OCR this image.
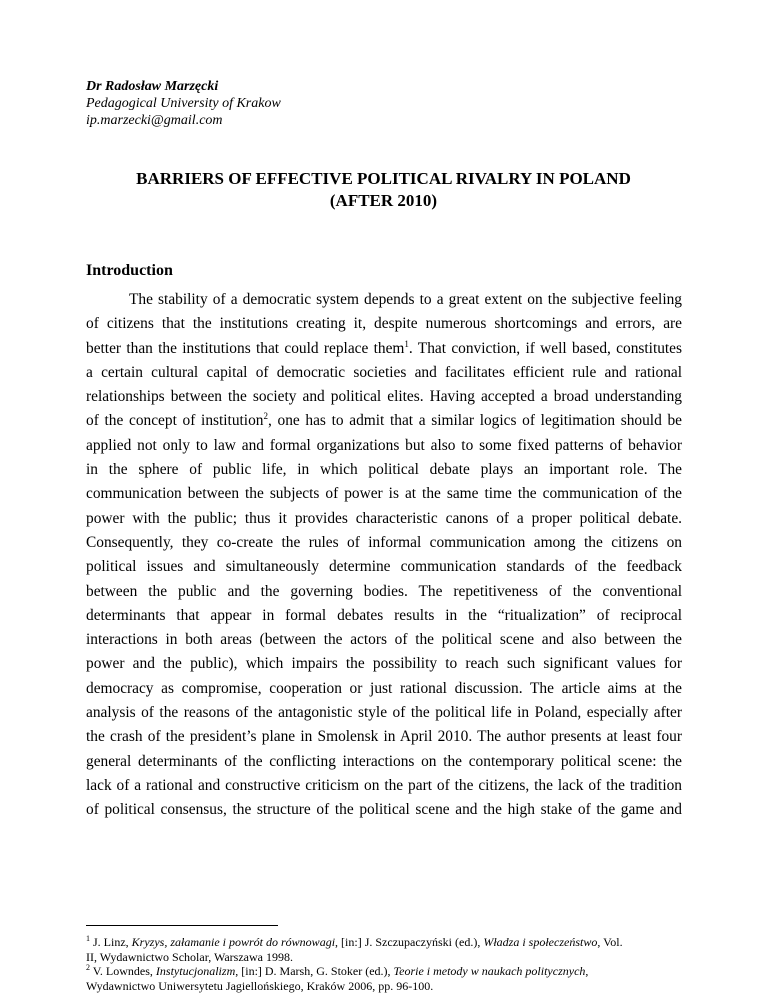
Dr Radosław Marzęcki
Pedagogical University of Krakow
ip.marzecki@gmail.com
BARRIERS OF EFFECTIVE POLITICAL RIVALRY IN POLAND
(AFTER 2010)
Introduction
The stability of a democratic system depends to a great extent on the subjective feeling
of citizens that the institutions creating it, despite numerous shortcomings and errors, are
better than the institutions that could replace them$^1$. That conviction, if well based, constitutes
a certain cultural capital of democratic societies and facilitates efficient rule and rational
relationships between the society and political elites. Having accepted a broad understanding
of the concept of institution$^2$, one has to admit that a similar logics of legitimation should be
applied not only to law and formal organizations but also to some fixed patterns of behavior
in the sphere of public life, in which political debate plays an important role. The
communication between the subjects of power is at the same time the communication of the
power with the public; thus it provides characteristic canons of a proper political debate.
Consequently, they co-create the rules of informal communication among the citizens on
political issues and simultaneously determine communication standards of the feedback
between the public and the governing bodies. The repetitiveness of the conventional
determinants that appear in formal debates results in the “ritualization” of reciprocal
interactions in both areas (between the actors of the political scene and also between the
power and the public), which impairs the possibility to reach such significant values for
democracy as compromise, cooperation or just rational discussion. The article aims at the
analysis of the reasons of the antagonistic style of the political life in Poland, especially after
the crash of the president’s plane in Smolensk in April 2010. The author presents at least four
general determinants of the conflicting interactions on the contemporary political scene: the
lack of a rational and constructive criticism on the part of the citizens, the lack of the tradition
of political consensus, the structure of the political scene and the high stake of the game and
$^1$ J. Linz, Kryzys, załamanie i powrót do równowagi, [in:] J. Szczupaczyński (ed.), Władza i społeczeństwo, Vol.
II, Wydawnictwo Scholar, Warszawa 1998.
$^2$ V. Lowndes, Instytucjonalizm, [in:] D. Marsh, G. Stoker (ed.), Teorie i metody w naukach politycznych,
Wydawnictwo Uniwersytetu Jagiellońskiego, Kraków 2006, pp. 96-100.
